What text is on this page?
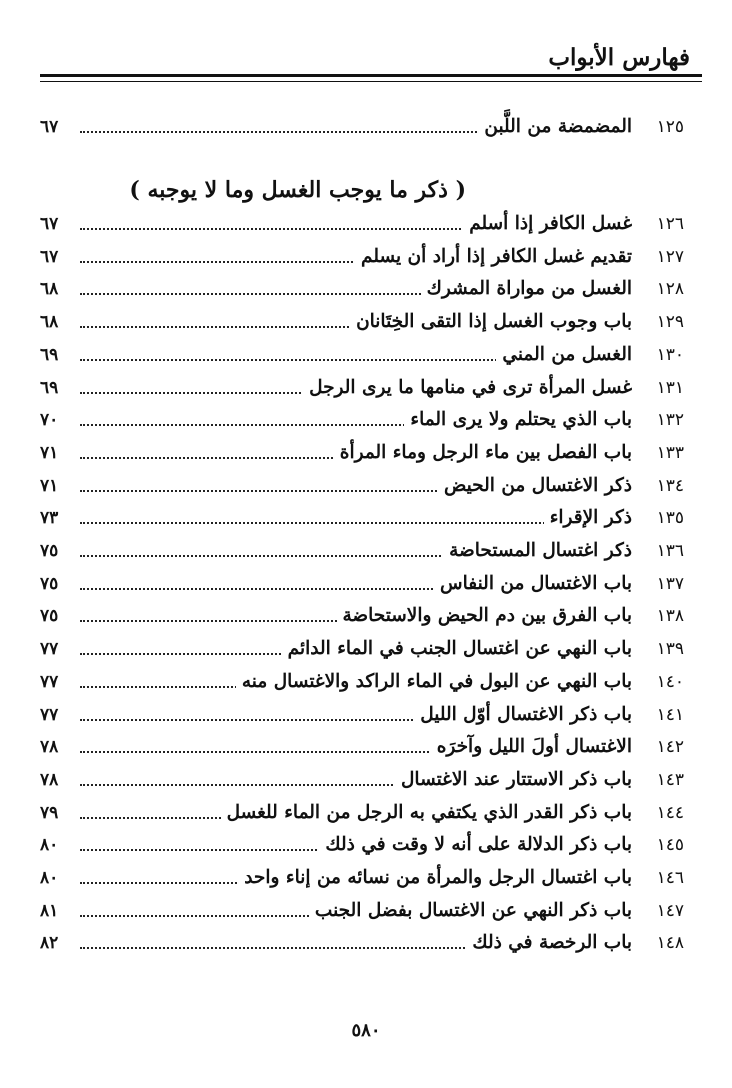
فهارس الأبواب
١٢٥
المضمضة من اللَّبن
٦٧
( ذكر ما يوجب الغسل وما لا يوجبه )
١٢٦
غسل الكافر إذا أسلم
٦٧
١٢٧
تقديم غسل الكافر إذا أراد أن يسلم
٦٧
١٢٨
الغسل من مواراة المشرك
٦٨
١٢٩
باب وجوب الغسل إذا التقى الخِتَانان
٦٨
١٣٠
الغسل من المني
٦٩
١٣١
غسل المرأة ترى في منامها ما يرى الرجل
٦٩
١٣٢
باب الذي يحتلم ولا يرى الماء
٧٠
١٣٣
باب الفصل بين ماء الرجل وماء المرأة
٧١
١٣٤
ذكر الاغتسال من الحيض
٧١
١٣٥
ذكر الإقراء
٧٣
١٣٦
ذكر اغتسال المستحاضة
٧٥
١٣٧
باب الاغتسال من النفاس
٧٥
١٣٨
باب الفرق بين دم الحيض والاستحاضة
٧٥
١٣٩
باب النهي عن اغتسال الجنب في الماء الدائم
٧٧
١٤٠
باب النهي عن البول في الماء الراكد والاغتسال منه
٧٧
١٤١
باب ذكر الاغتسال أوّل الليل
٧٧
١٤٢
الاغتسال أولَ الليل وآخرَه
٧٨
١٤٣
باب ذكر الاستتار عند الاغتسال
٧٨
١٤٤
باب ذكر القدر الذي يكتفي به الرجل من الماء للغسل
٧٩
١٤٥
باب ذكر الدلالة على أنه لا وقت في ذلك
٨٠
١٤٦
باب اغتسال الرجل والمرأة من نسائه من إناء واحد
٨٠
١٤٧
باب ذكر النهي عن الاغتسال بفضل الجنب
٨١
١٤٨
باب الرخصة في ذلك
٨٢
٥٨٠
